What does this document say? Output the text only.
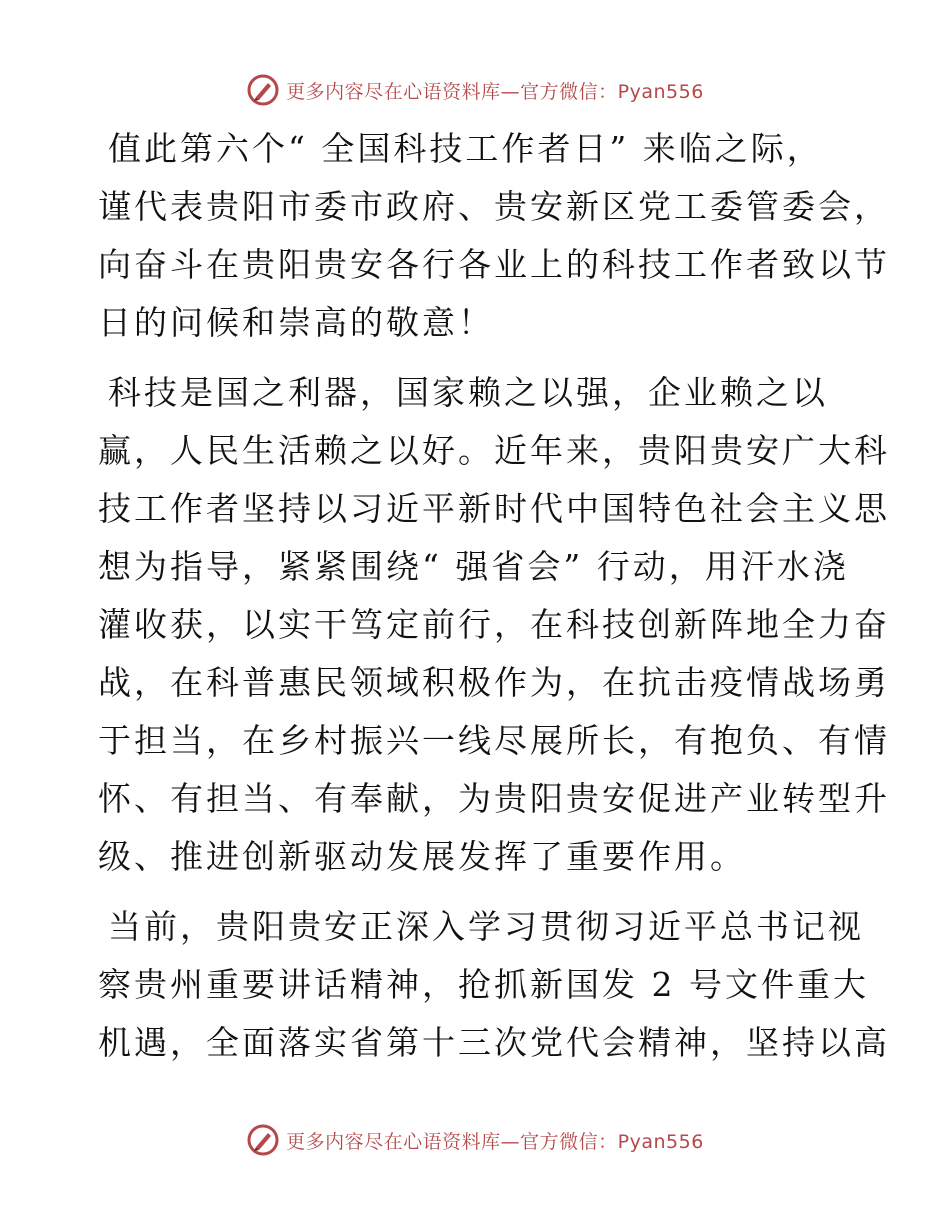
更多内容尽在心语资料库—官方微信：Pyan556
值此第六个“ 全国科技工作者日” 来临之际，
谨代表贵阳市委市政府、贵安新区党工委管委会，
向奋斗在贵阳贵安各行各业上的科技工作者致以节
日的问候和崇高的敬意！
科技是国之利器，国家赖之以强，企业赖之以
赢，人民生活赖之以好。近年来，贵阳贵安广大科
技工作者坚持以习近平新时代中国特色社会主义思
想为指导，紧紧围绕“ 强省会” 行动，用汗水浇
灌收获，以实干笃定前行，在科技创新阵地全力奋
战，在科普惠民领域积极作为，在抗击疫情战场勇
于担当，在乡村振兴一线尽展所长，有抱负、有情
怀、有担当、有奉献，为贵阳贵安促进产业转型升
级、推进创新驱动发展发挥了重要作用。
当前，贵阳贵安正深入学习贯彻习近平总书记视
察贵州重要讲话精神，抢抓新国发 2 号文件重大
机遇，全面落实省第十三次党代会精神，坚持以高
更多内容尽在心语资料库—官方微信：Pyan556
